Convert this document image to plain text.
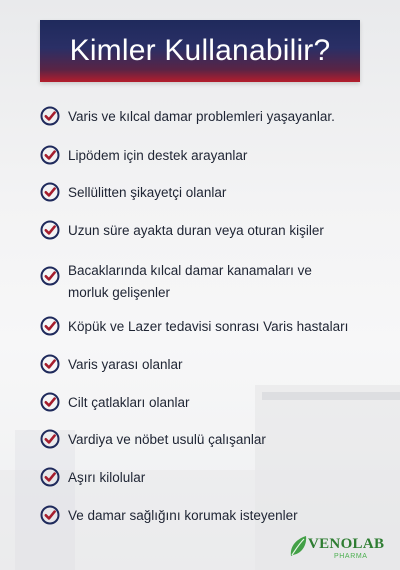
Kimler Kullanabilir?
Varis ve kılcal damar problemleri yaşayanlar.
Lipödem için destek arayanlar
Sellülitten şikayetçi olanlar
Uzun süre ayakta duran veya oturan kişiler
Bacaklarında kılcal damar kanamaları ve
morluk gelişenler
Köpük ve Lazer tedavisi sonrası Varis hastaları
Varis yarası olanlar
Cilt çatlakları olanlar
Vardiya ve nöbet usulü çalışanlar
Aşırı kilolular
Ve damar sağlığını korumak isteyenler
VENOLAB
PHARMA
